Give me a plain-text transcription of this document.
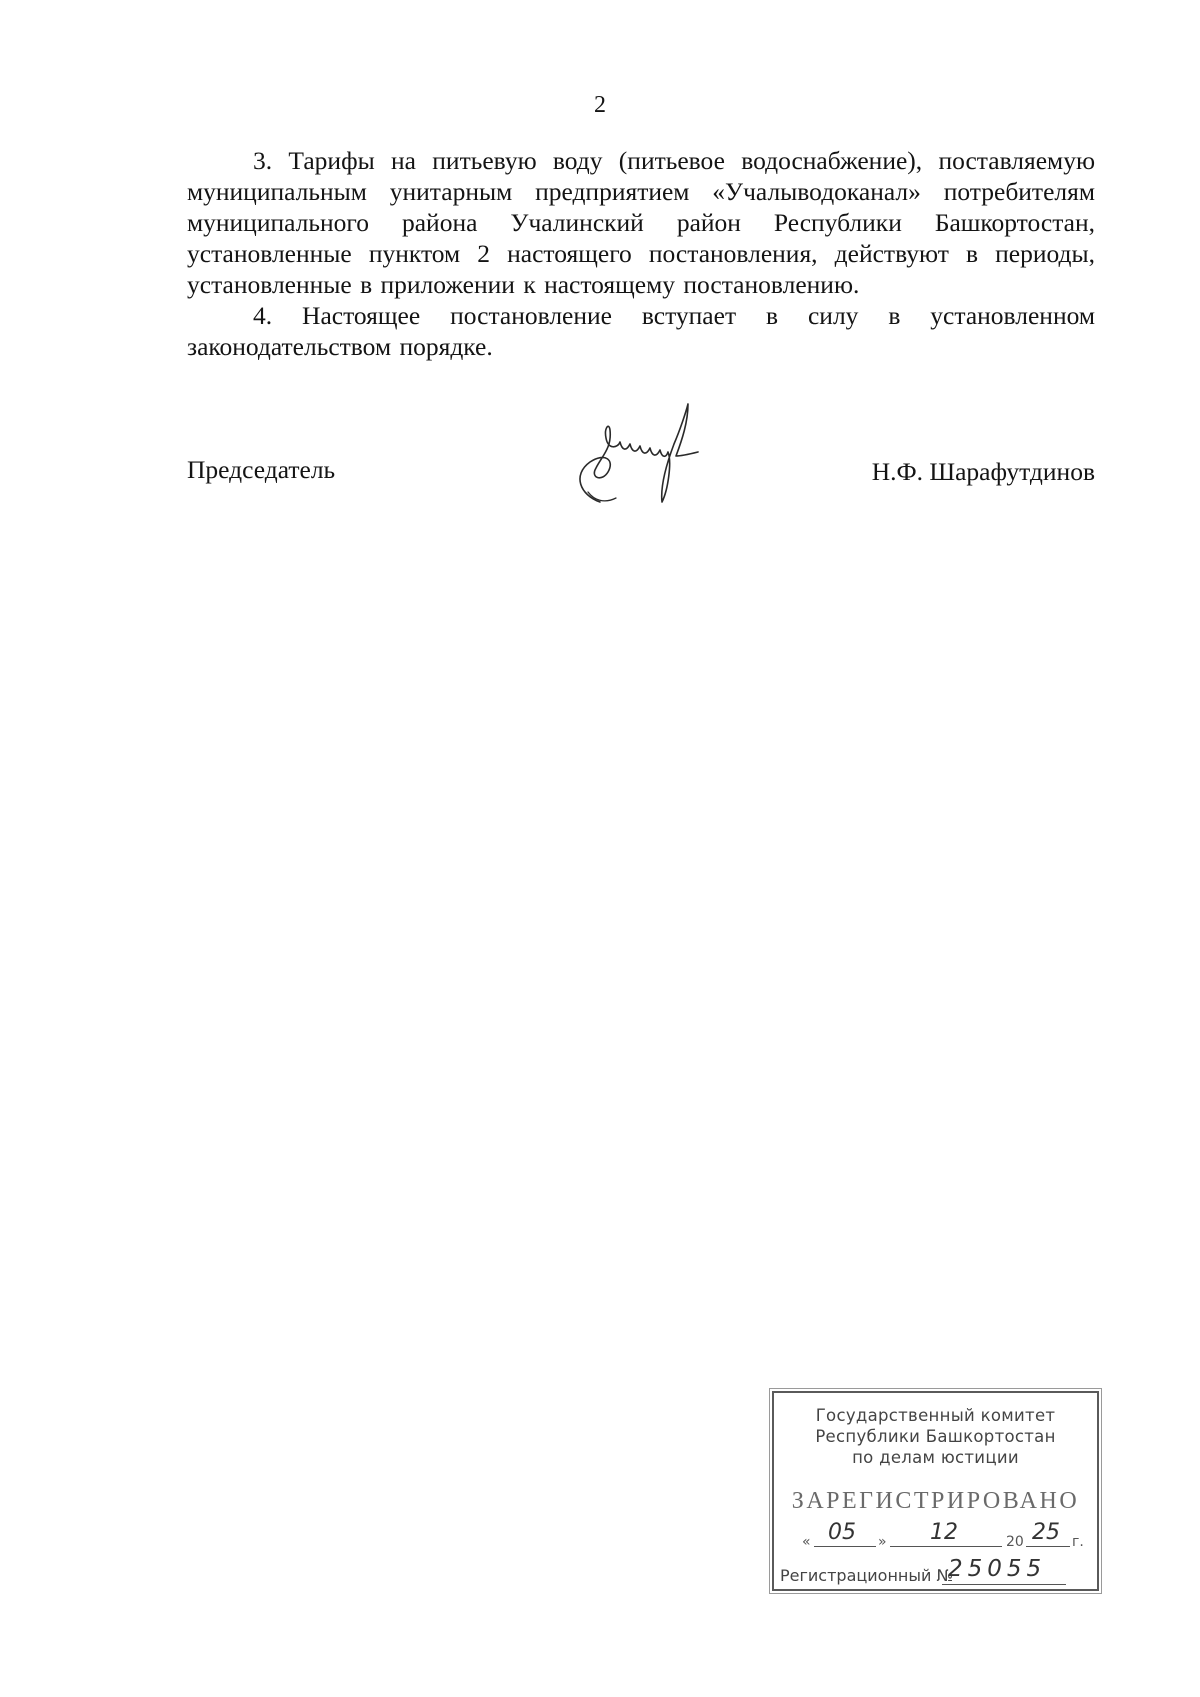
2

3. Тарифы на питьевую воду (питьевое водоснабжение), поставляемую муниципальным унитарным предприятием «Учалыводоканал» потребителям муниципального района Учалинский район Республики Башкортостан, установленные пунктом 2 настоящего постановления, действуют в периоды, установленные в приложении к настоящему постановлению.

4. Настоящее постановление вступает в силу в установленном законодательством порядке.

Председатель	Н.Ф. Шарафутдинов
Государственный комитет
Республики Башкортостан
по делам юстиции
ЗАРЕГИСТРИРОВАНО
« 05 » 12	20 25 г.
Регистрационный №
25055
